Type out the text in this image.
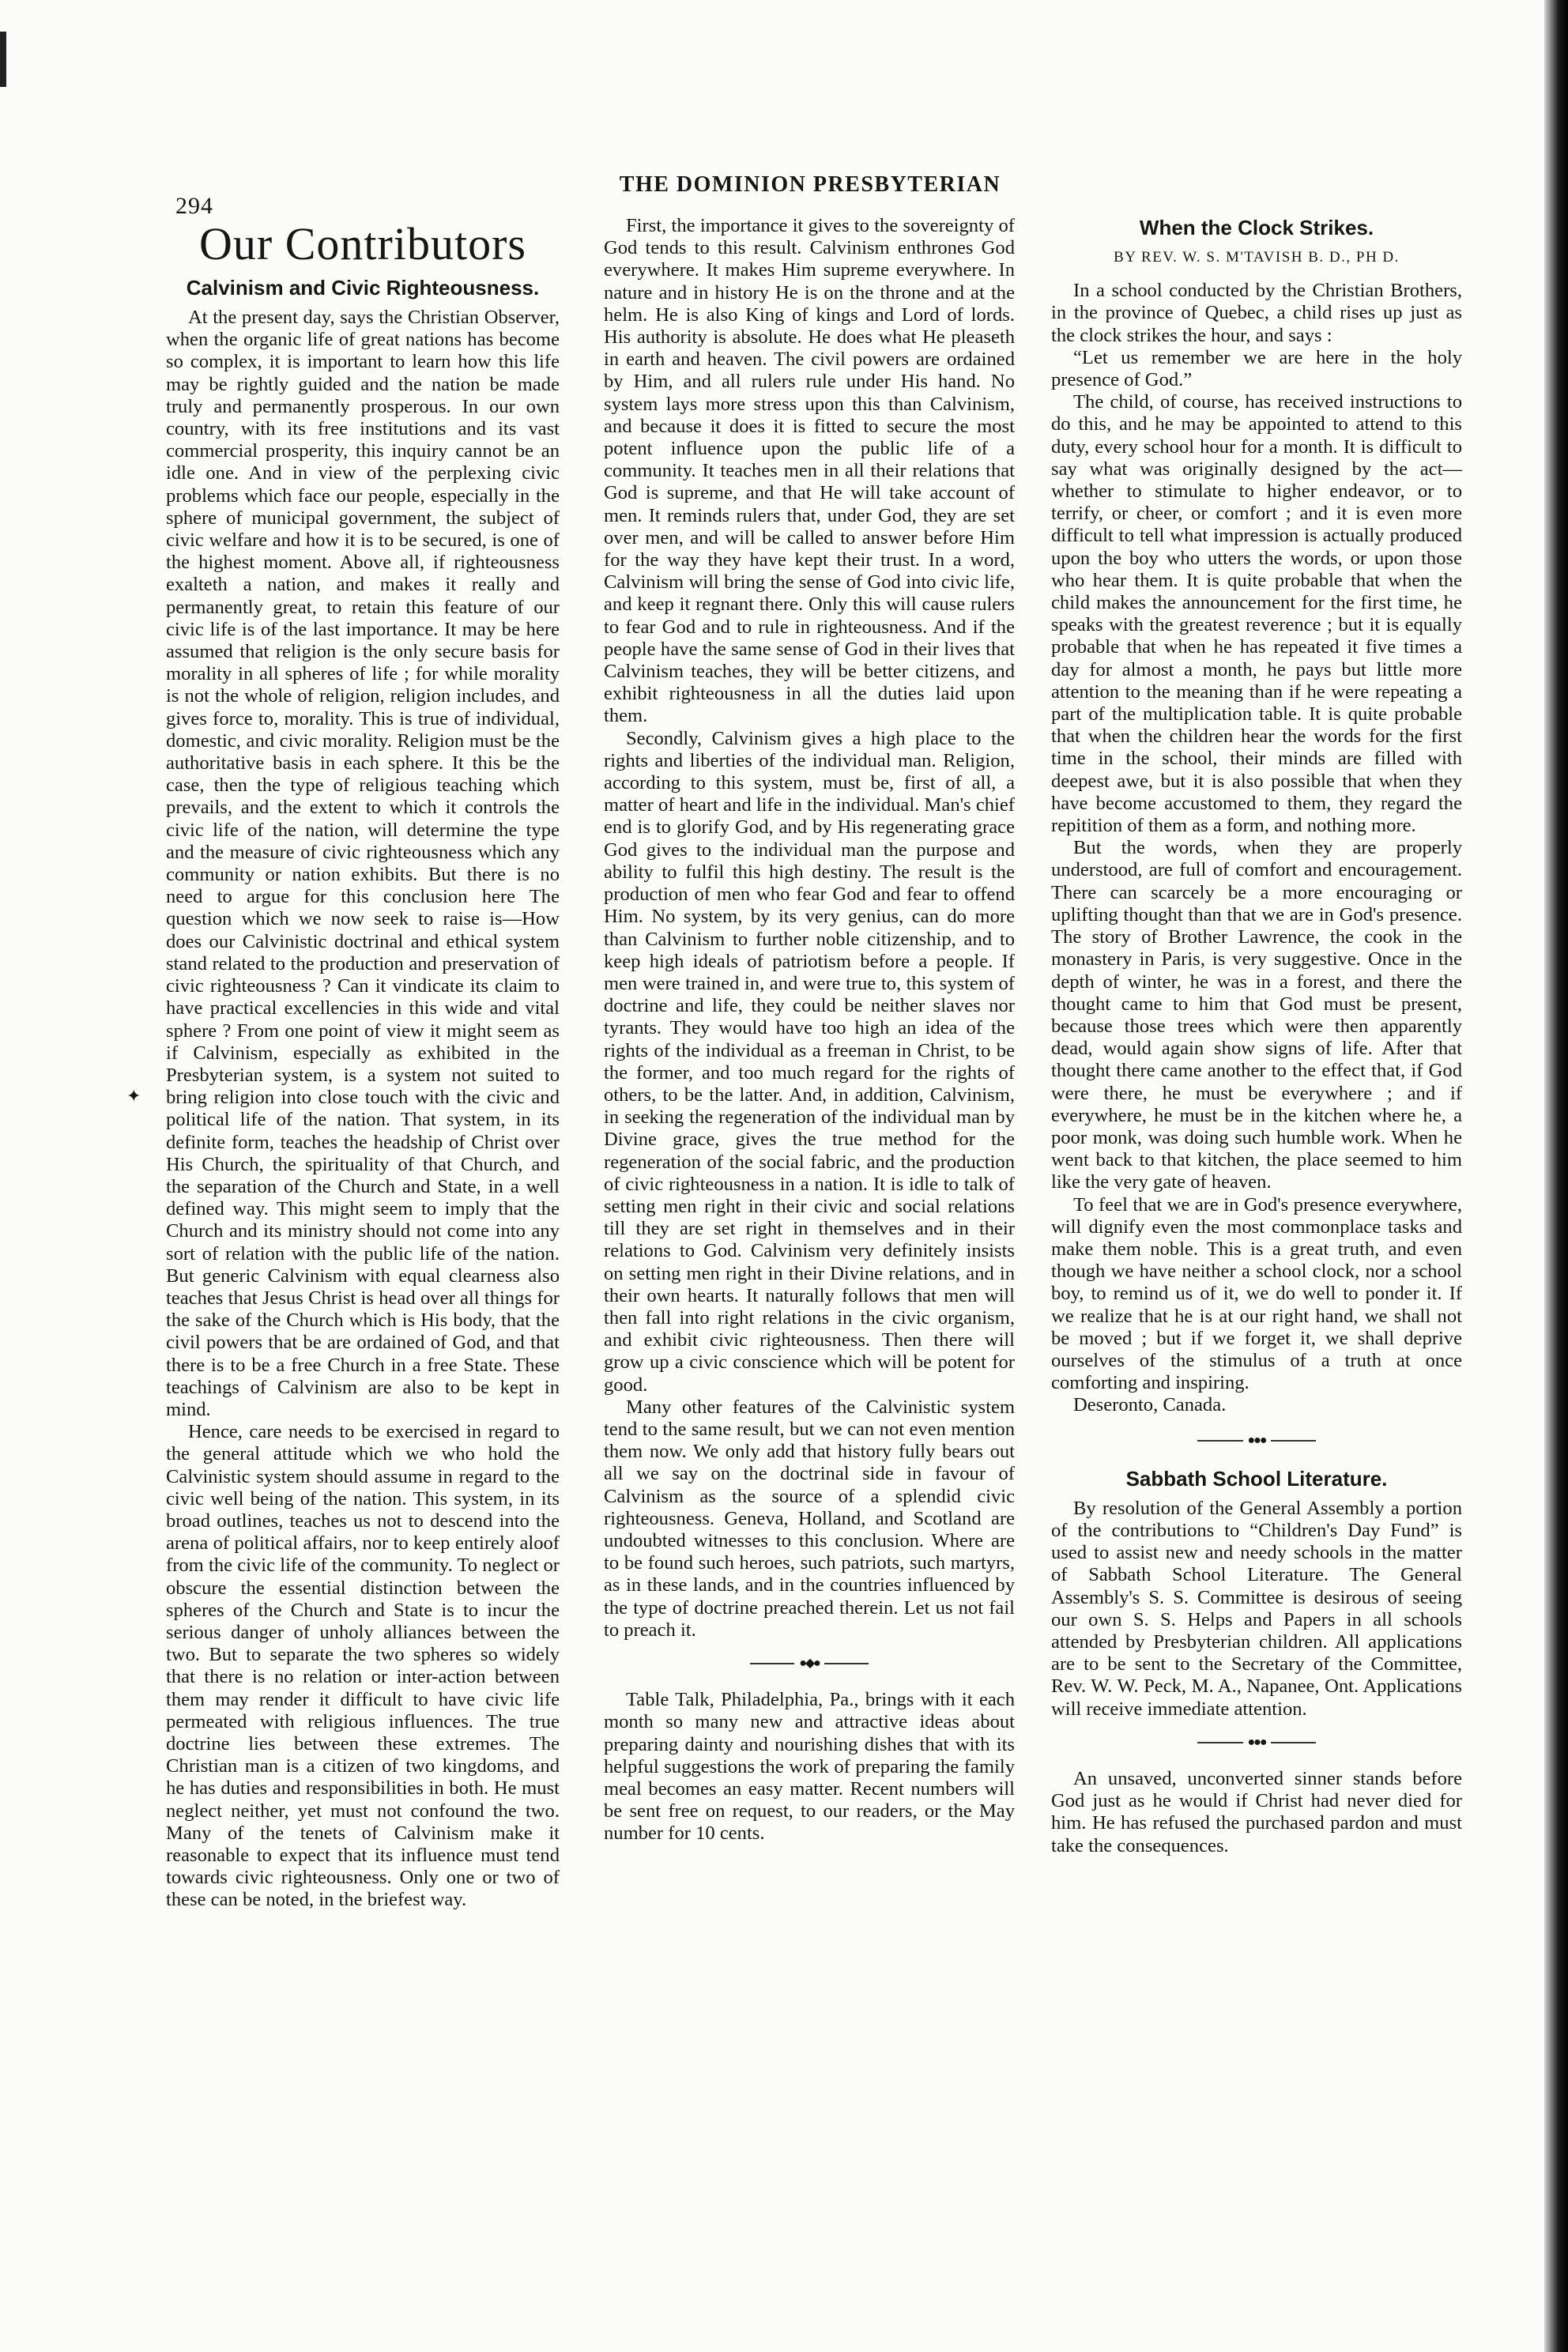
294
THE DOMINION PRESBYTERIAN
✦
Our Contributors
Calvinism and Civic Righteousness.

At the present day, says the Christian Observer, when the organic life of great nations has become so complex, it is important to learn how this life may be rightly guided and the nation be made truly and permanently prosperous. In our own country, with its free institutions and its vast commercial prosperity, this inquiry cannot be an idle one. And in view of the perplexing civic problems which face our people, especially in the sphere of municipal government, the subject of civic welfare and how it is to be secured, is one of the highest moment. Above all, if righteousness exalteth a nation, and makes it really and permanently great, to retain this feature of our civic life is of the last importance. It may be here assumed that religion is the only secure basis for morality in all spheres of life ; for while morality is not the whole of religion, religion includes, and gives force to, morality. This is true of individual, domestic, and civic morality. Religion must be the authoritative basis in each sphere. It this be the case, then the type of religious teaching which prevails, and the extent to which it controls the civic life of the nation, will determine the type and the measure of civic righteousness which any community or nation exhibits. But there is no need to argue for this conclusion here The question which we now seek to raise is—How does our Calvinistic doctrinal and ethical system stand related to the production and preservation of civic righteousness ? Can it vindicate its claim to have practical excellencies in this wide and vital sphere ? From one point of view it might seem as if Calvinism, especially as exhibited in the Presbyterian system, is a system not suited to bring religion into close touch with the civic and political life of the nation. That system, in its definite form, teaches the headship of Christ over His Church, the spirituality of that Church, and the separation of the Church and State, in a well defined way. This might seem to imply that the Church and its ministry should not come into any sort of relation with the public life of the nation. But generic Calvinism with equal clearness also teaches that Jesus Christ is head over all things for the sake of the Church which is His body, that the civil powers that be are ordained of God, and that there is to be a free Church in a free State. These teachings of Calvinism are also to be kept in mind.

Hence, care needs to be exercised in regard to the general attitude which we who hold the Calvinistic system should assume in regard to the civic well being of the nation. This system, in its broad outlines, teaches us not to descend into the arena of political affairs, nor to keep entirely aloof from the civic life of the community. To neglect or obscure the essential distinction between the spheres of the Church and State is to incur the serious danger of unholy alliances between the two. But to separate the two spheres so widely that there is no relation or inter-action between them may render it difficult to have civic life permeated with religious influences. The true doctrine lies between these extremes. The Christian man is a citizen of two kingdoms, and he has duties and responsibilities in both. He must neglect neither, yet must not confound the two. Many of the tenets of Calvinism make it reasonable to expect that its influence must tend towards civic righteousness. Only one or two of these can be noted, in the briefest way.

First, the importance it gives to the sovereignty of God tends to this result. Calvinism enthrones God everywhere. It makes Him supreme everywhere. In nature and in history He is on the throne and at the helm. He is also King of kings and Lord of lords. His authority is absolute. He does what He pleaseth in earth and heaven. The civil powers are ordained by Him, and all rulers rule under His hand. No system lays more stress upon this than Calvinism, and because it does it is fitted to secure the most potent influence upon the public life of a community. It teaches men in all their relations that God is supreme, and that He will take account of men. It reminds rulers that, under God, they are set over men, and will be called to answer before Him for the way they have kept their trust. In a word, Calvinism will bring the sense of God into civic life, and keep it regnant there. Only this will cause rulers to fear God and to rule in righteousness. And if the people have the same sense of God in their lives that Calvinism teaches, they will be better citizens, and exhibit righteousness in all the duties laid upon them.

Secondly, Calvinism gives a high place to the rights and liberties of the individual man. Religion, according to this system, must be, first of all, a matter of heart and life in the individual. Man's chief end is to glorify God, and by His regenerating grace God gives to the individual man the purpose and ability to fulfil this high destiny. The result is the production of men who fear God and fear to offend Him. No system, by its very genius, can do more than Calvinism to further noble citizenship, and to keep high ideals of patriotism before a people. If men were trained in, and were true to, this system of doctrine and life, they could be neither slaves nor tyrants. They would have too high an idea of the rights of the individual as a freeman in Christ, to be the former, and too much regard for the rights of others, to be the latter. And, in addition, Calvinism, in seeking the regeneration of the individual man by Divine grace, gives the true method for the regeneration of the social fabric, and the production of civic righteousness in a nation. It is idle to talk of setting men right in their civic and social relations till they are set right in themselves and in their relations to God. Calvinism very definitely insists on setting men right in their Divine relations, and in their own hearts. It naturally follows that men will then fall into right relations in the civic organism, and exhibit civic righteousness. Then there will grow up a civic conscience which will be potent for good.

Many other features of the Calvinistic system tend to the same result, but we can not even mention them now. We only add that history fully bears out all we say on the doctrinal side in favour of Calvinism as the source of a splendid civic righteousness. Geneva, Holland, and Scotland are undoubted witnesses to this conclusion. Where are to be found such heroes, such patriots, such martyrs, as in these lands, and in the countries influenced by the type of doctrine preached therein. Let us not fail to preach it.

●◆●

Table Talk, Philadelphia, Pa., brings with it each month so many new and attractive ideas about preparing dainty and nourishing dishes that with its helpful suggestions the work of preparing the family meal becomes an easy matter. Recent numbers will be sent free on request, to our readers, or the May number for 10 cents.

When the Clock Strikes.
BY REV. W. S. M'TAVISH B. D., PH D.

In a school conducted by the Christian Brothers, in the province of Quebec, a child rises up just as the clock strikes the hour, and says :

“Let us remember we are here in the holy presence of God.”

The child, of course, has received instructions to do this, and he may be appointed to attend to this duty, every school hour for a month. It is difficult to say what was originally designed by the act—whether to stimulate to higher endeavor, or to terrify, or cheer, or comfort ; and it is even more difficult to tell what impression is actually produced upon the boy who utters the words, or upon those who hear them. It is quite probable that when the child makes the announcement for the first time, he speaks with the greatest reverence ; but it is equally probable that when he has repeated it five times a day for almost a month, he pays but little more attention to the meaning than if he were repeating a part of the multiplication table. It is quite probable that when the children hear the words for the first time in the school, their minds are filled with deepest awe, but it is also possible that when they have become accustomed to them, they regard the repitition of them as a form, and nothing more.

But the words, when they are properly understood, are full of comfort and encouragement. There can scarcely be a more encouraging or uplifting thought than that we are in God's presence. The story of Brother Lawrence, the cook in the monastery in Paris, is very suggestive. Once in the depth of winter, he was in a forest, and there the thought came to him that God must be present, because those trees which were then apparently dead, would again show signs of life. After that thought there came another to the effect that, if God were there, he must be everywhere ; and if everywhere, he must be in the kitchen where he, a poor monk, was doing such humble work. When he went back to that kitchen, the place seemed to him like the very gate of heaven.

To feel that we are in God's presence everywhere, will dignify even the most commonplace tasks and make them noble. This is a great truth, and even though we have neither a school clock, nor a school boy, to remind us of it, we do well to ponder it. If we realize that he is at our right hand, we shall not be moved ; but if we forget it, we shall deprive ourselves of the stimulus of a truth at once comforting and inspiring.

Deseronto, Canada.

●●●
Sabbath School Literature.

By resolution of the General Assembly a portion of the contributions to “Children's Day Fund” is used to assist new and needy schools in the matter of Sabbath School Literature. The General Assembly's S. S. Committee is desirous of seeing our own S. S. Helps and Papers in all schools attended by Presbyterian children. All applications are to be sent to the Secretary of the Committee, Rev. W. W. Peck, M. A., Napanee, Ont. Applications will receive immediate attention.

●●●

An unsaved, unconverted sinner stands before God just as he would if Christ had never died for him. He has refused the purchased pardon and must take the consequences.
